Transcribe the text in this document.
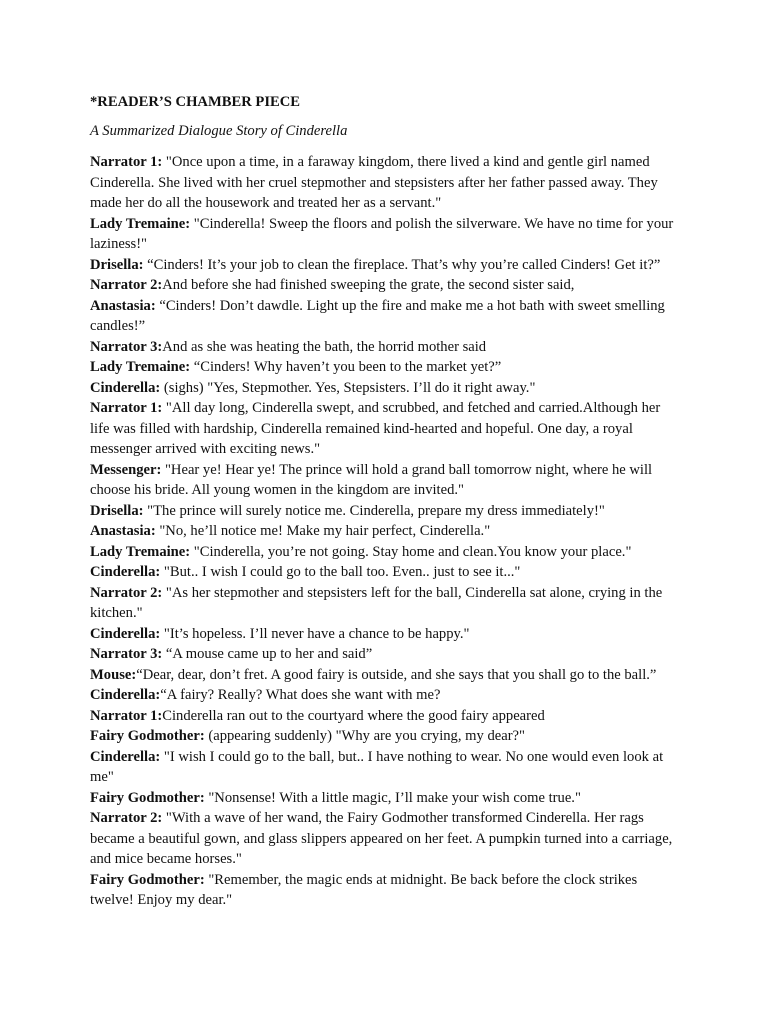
*READER’S CHAMBER PIECE
A Summarized Dialogue Story of Cinderella

Narrator 1: "Once upon a time, in a faraway kingdom, there lived a kind and gentle girl named Cinderella. She lived with her cruel stepmother and stepsisters after her father passed away. They made her do all the housework and treated her as a servant."

Lady Tremaine: "Cinderella! Sweep the floors and polish the silverware. We have no time for your laziness!"

Drisella: “Cinders! It’s your job to clean the fireplace. That’s why you’re called Cinders! Get it?”

Narrator 2:And before she had finished sweeping the grate, the second sister said,

Anastasia: “Cinders! Don’t dawdle. Light up the fire and make me a hot bath with sweet smelling candles!”

Narrator 3:And as she was heating the bath, the horrid mother said

Lady Tremaine: “Cinders! Why haven’t you been to the market yet?”

Cinderella: (sighs) "Yes, Stepmother. Yes, Stepsisters. I’ll do it right away."

Narrator 1: "All day long, Cinderella swept, and scrubbed, and fetched and carried.Although her life was filled with hardship, Cinderella remained kind-hearted and hopeful. One day, a royal messenger arrived with exciting news."

Messenger: "Hear ye! Hear ye! The prince will hold a grand ball tomorrow night, where he will choose his bride. All young women in the kingdom are invited."

Drisella: "The prince will surely notice me. Cinderella, prepare my dress immediately!"

Anastasia: "No, he’ll notice me! Make my hair perfect, Cinderella."

Lady Tremaine: "Cinderella, you’re not going. Stay home and clean.You know your place."

Cinderella: "But.. I wish I could go to the ball too. Even.. just to see it..."

Narrator 2: "As her stepmother and stepsisters left for the ball, Cinderella sat alone, crying in the kitchen."

Cinderella: "It’s hopeless. I’ll never have a chance to be happy."

Narrator 3: “A mouse came up to her and said”

Mouse:“Dear, dear, don’t fret. A good fairy is outside, and she says that you shall go to the ball.”

Cinderella:“A fairy? Really? What does she want with me?

Narrator 1:Cinderella ran out to the courtyard where the good fairy appeared

Fairy Godmother: (appearing suddenly) "Why are you crying, my dear?"

Cinderella: "I wish I could go to the ball, but.. I have nothing to wear. No one would even look at me"

Fairy Godmother: "Nonsense! With a little magic, I’ll make your wish come true."

Narrator 2: "With a wave of her wand, the Fairy Godmother transformed Cinderella. Her rags became a beautiful gown, and glass slippers appeared on her feet. A pumpkin turned into a carriage, and mice became horses."

Fairy Godmother: "Remember, the magic ends at midnight. Be back before the clock strikes twelve! Enjoy my dear."
